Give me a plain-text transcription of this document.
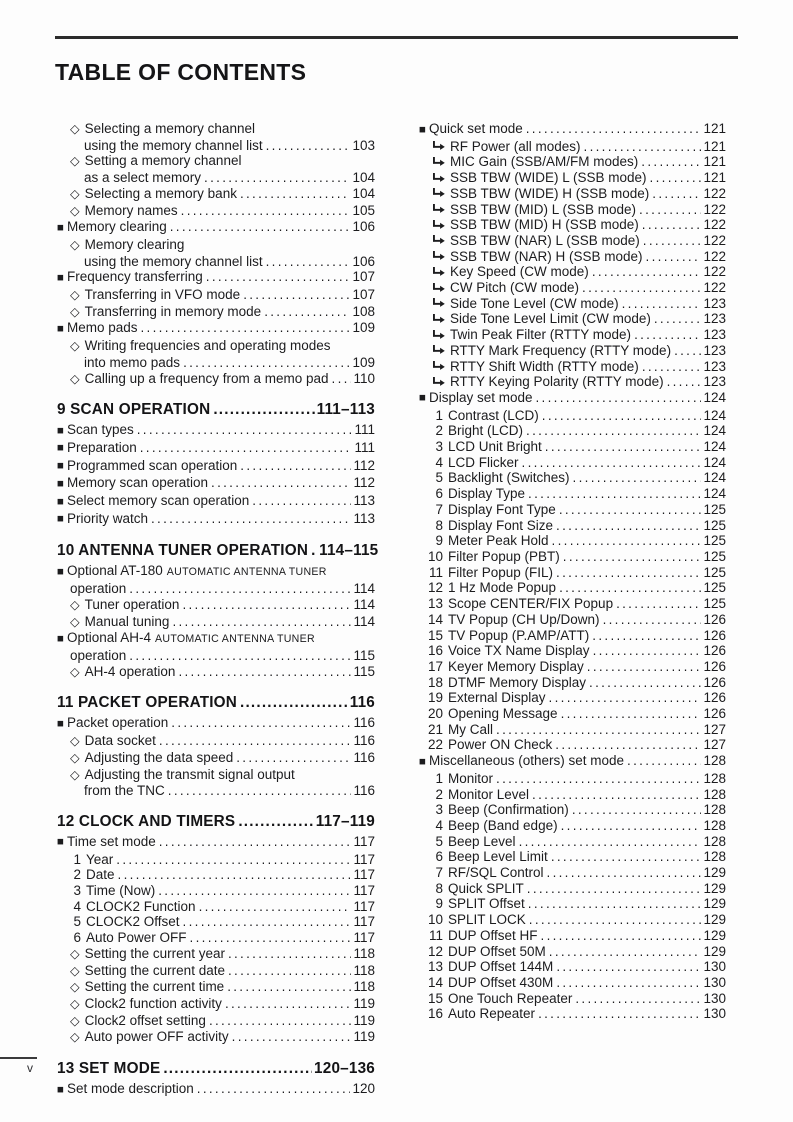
TABLE OF CONTENTS
◇ Selecting a memory channel
using the memory channel list .....	103
◇ Setting a memory channel
as a select memory .....	104
◇ Selecting a memory bank .....	104
◇ Memory names .....	105
■ Memory clearing .....	106
◇ Memory clearing
using the memory channel list .....	106
■ Frequency transferring .....	107
◇ Transferring in VFO mode .....	107
◇ Transferring in memory mode .....	108
■ Memo pads .....	109
◇ Writing frequencies and operating modes
into memo pads .....	109
◇ Calling up a frequency from a memo pad ..... 110
9 SCAN OPERATION .....	111–113
■ Scan types .....	111
■ Preparation .....	111
■ Programmed scan operation .....	112
■ Memory scan operation .....	112
■ Select memory scan operation .....	113
■ Priority watch .....	113
10 ANTENNA TUNER OPERATION ..... 114–115
■ Optional AT-180 AUTOMATIC ANTENNA TUNER
operation .....	114
◇ Tuner operation .....	114
◇ Manual tuning .....	114
■ Optional AH-4 AUTOMATIC ANTENNA TUNER
operation .....	115
◇ AH-4 operation .....	115
11 PACKET OPERATION .....	116
■ Packet operation .....	116
◇ Data socket .....	116
◇ Adjusting the data speed .....	116
◇ Adjusting the transmit signal output
from the TNC .....	116
12 CLOCK AND TIMERS .....	117–119
■ Time set mode .....	117
1 Year .....	117
2 Date .....	117
3 Time (Now) .....	117
4 CLOCK2 Function .....	117
5 CLOCK2 Offset .....	117
6 Auto Power OFF .....	117
◇ Setting the current year .....	118
◇ Setting the current date .....	118
◇ Setting the current time .....	118
◇ Clock2 function activity .....	119
◇ Clock2 offset setting .....	119
◇ Auto power OFF activity .....	119
13 SET MODE .....	120–136
■ Set mode description .....	120
■ Quick set mode .....	121
RF Power (all modes) .....	121
MIC Gain (SSB/AM/FM modes) .....	121
SSB TBW (WIDE) L (SSB mode) .....	121
SSB TBW (WIDE) H (SSB mode) .....	122
SSB TBW (MID) L (SSB mode) .....	122
SSB TBW (MID) H (SSB mode) .....	122
SSB TBW (NAR) L (SSB mode) .....	122
SSB TBW (NAR) H (SSB mode) .....	122
Key Speed (CW mode) .....	122
CW Pitch (CW mode) .....	122
Side Tone Level (CW mode) .....	123
Side Tone Level Limit (CW mode) .....	123
Twin Peak Filter (RTTY mode) .....	123
RTTY Mark Frequency (RTTY mode) ..... 123
RTTY Shift Width (RTTY mode) .....	123
RTTY Keying Polarity (RTTY mode) .....	123
■ Display set mode .....	124
1 Contrast (LCD) .....	124
2 Bright (LCD) .....	124
3 LCD Unit Bright .....	124
4 LCD Flicker .....	124
5 Backlight (Switches) .....	124
6 Display Type .....	124
7 Display Font Type .....	125
8 Display Font Size .....	125
9 Meter Peak Hold .....	125
10 Filter Popup (PBT) .....	125
11 Filter Popup (FIL) .....	125
12 1 Hz Mode Popup .....	125
13 Scope CENTER/FIX Popup .....	125
14 TV Popup (CH Up/Down) .....	126
15 TV Popup (P.AMP/ATT) .....	126
16 Voice TX Name Display .....	126
17 Keyer Memory Display .....	126
18 DTMF Memory Display .....	126
19 External Display .....	126
20 Opening Message .....	126
21 My Call .....	127
22 Power ON Check .....	127
■ Miscellaneous (others) set mode .....	128
1 Monitor .....	128
2 Monitor Level .....	128
3 Beep (Confirmation) .....	128
4 Beep (Band edge) .....	128
5 Beep Level .....	128
6 Beep Level Limit .....	128
7 RF/SQL Control .....	129
8 Quick SPLIT .....	129
9 SPLIT Offset .....	129
10 SPLIT LOCK .....	129
11 DUP Offset HF .....	129
12 DUP Offset 50M .....	129
13 DUP Offset 144M .....	130
14 DUP Offset 430M .....	130
15 One Touch Repeater .....	130
16 Auto Repeater .....	130
v
